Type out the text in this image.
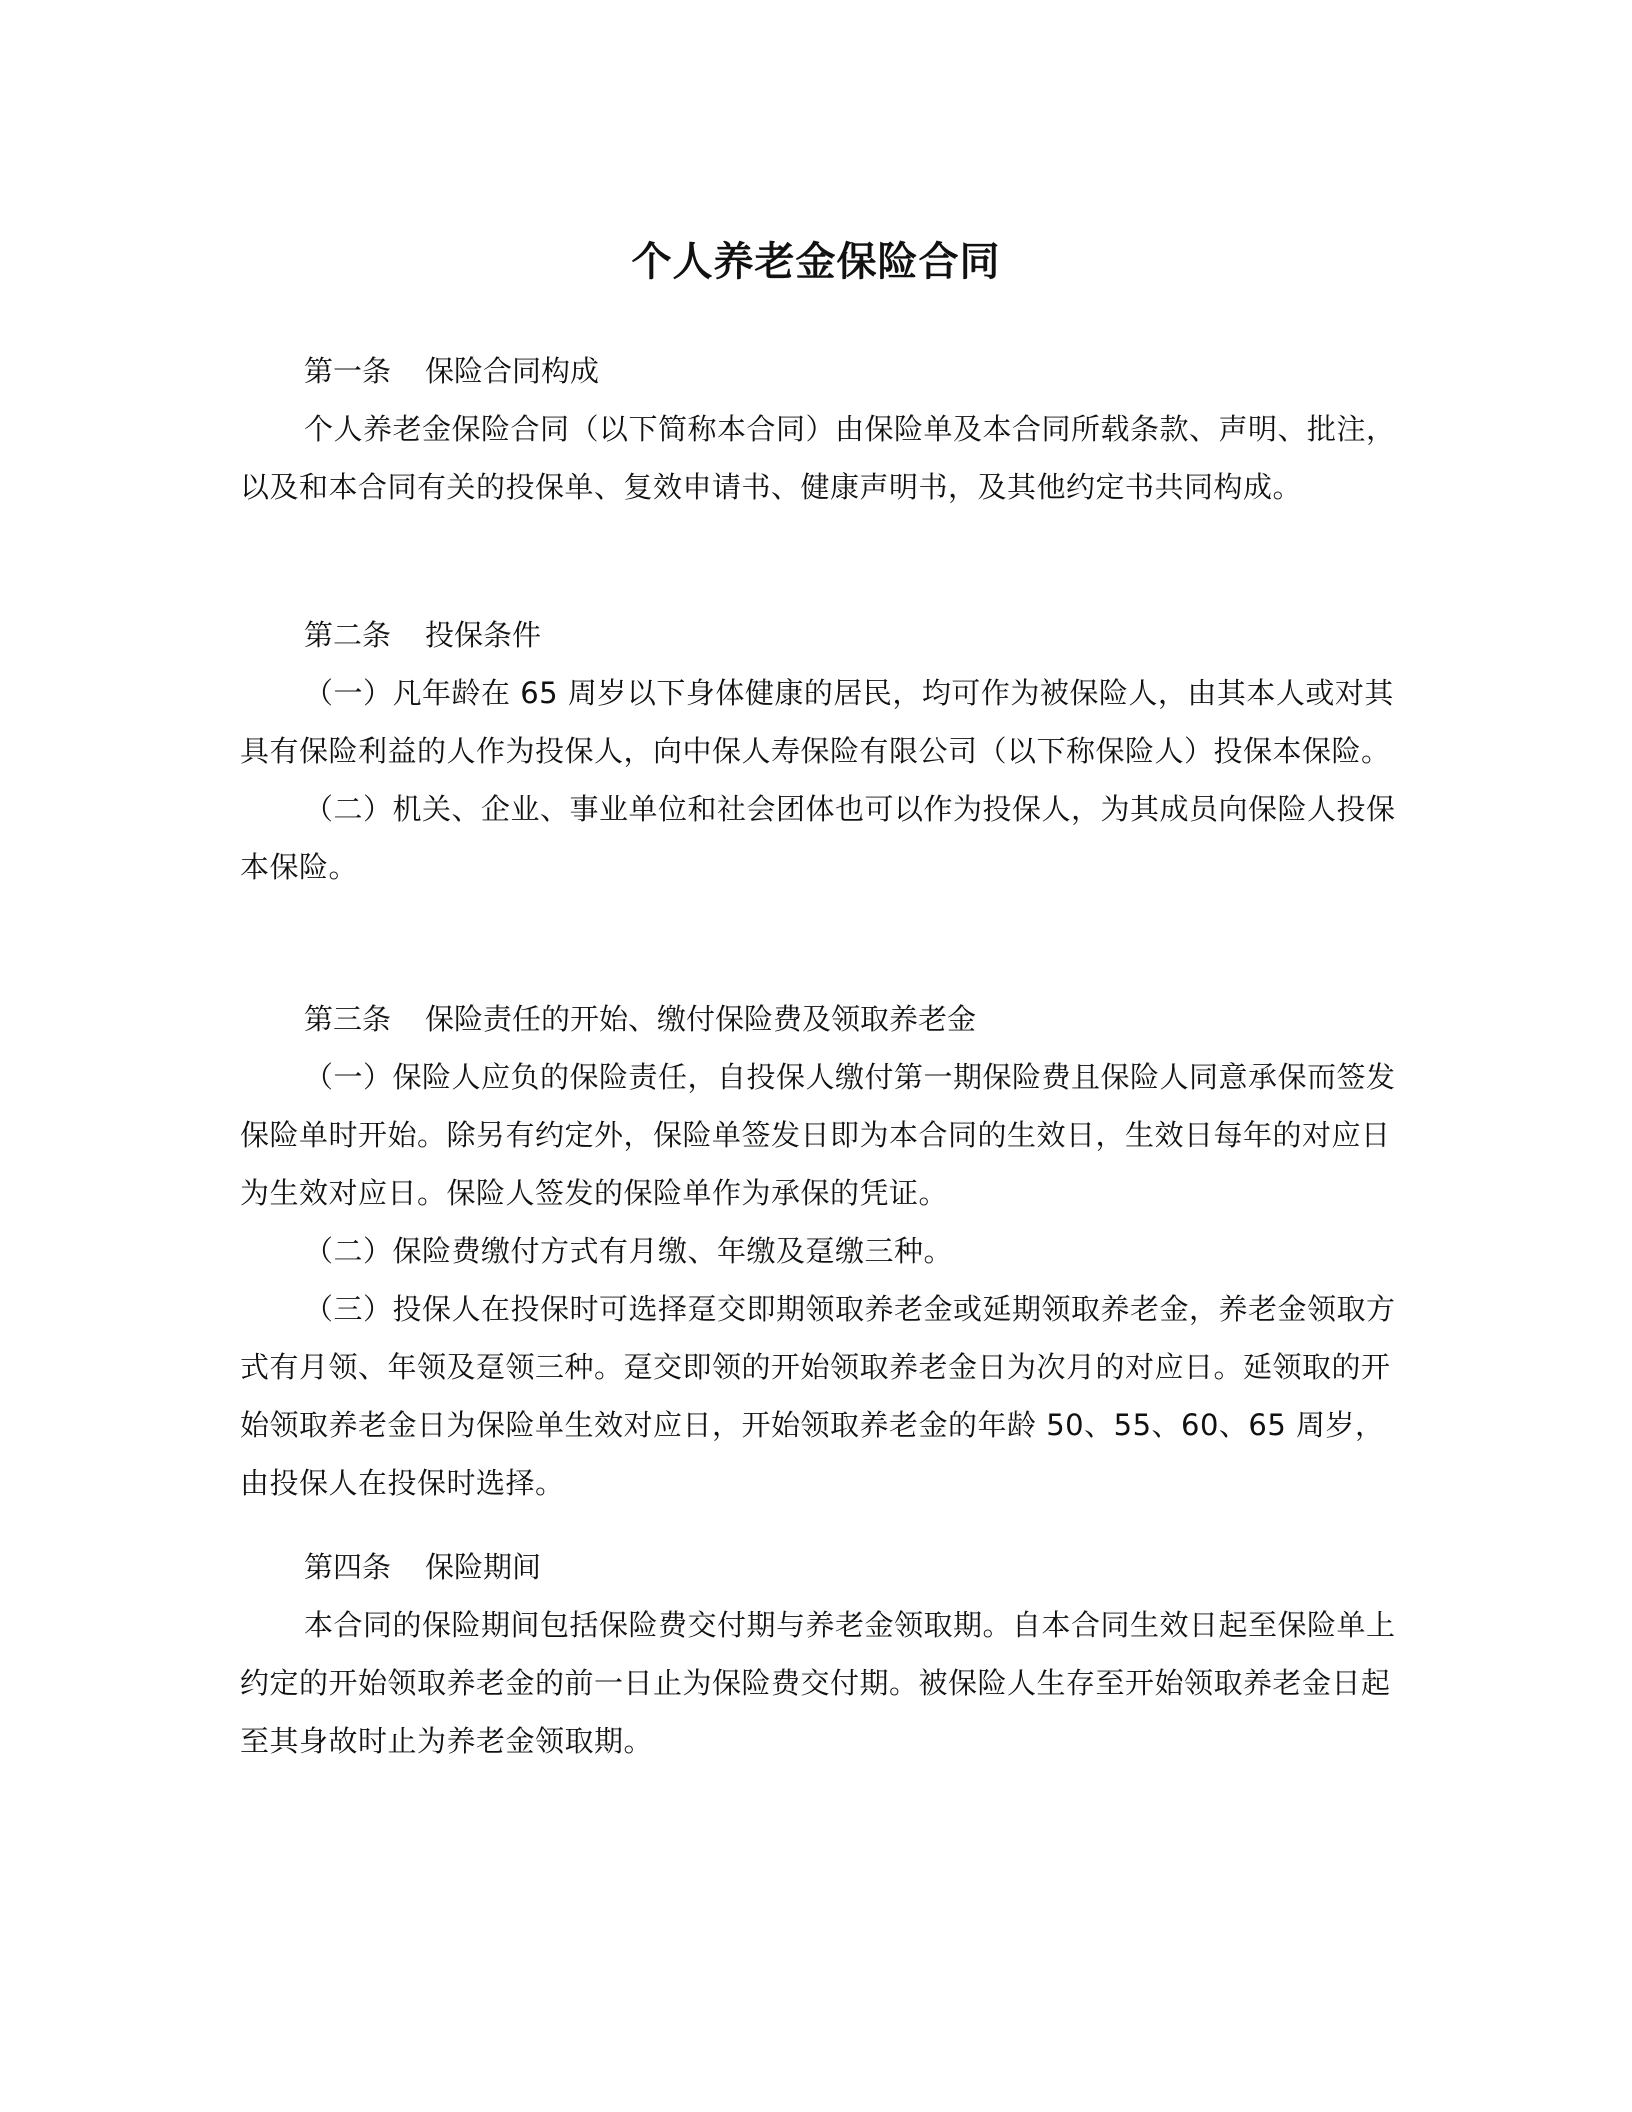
个人养老金保险合同
第一条 保险合同构成
个人养老金保险合同（以下简称本合同）由保险单及本合同所载条款、声明、批注，以及和本合同有关的投保单、复效申请书、健康声明书，及其他约定书共同构成。
第二条 投保条件
（一）凡年龄在 65 周岁以下身体健康的居民，均可作为被保险人，由其本人或对其具有保险利益的人作为投保人，向中保人寿保险有限公司（以下称保险人）投保本保险。
（二）机关、企业、事业单位和社会团体也可以作为投保人，为其成员向保险人投保本保险。
第三条 保险责任的开始、缴付保险费及领取养老金
（一）保险人应负的保险责任，自投保人缴付第一期保险费且保险人同意承保而签发保险单时开始。除另有约定外，保险单签发日即为本合同的生效日，生效日每年的对应日为生效对应日。保险人签发的保险单作为承保的凭证。
（二）保险费缴付方式有月缴、年缴及趸缴三种。
（三）投保人在投保时可选择趸交即期领取养老金或延期领取养老金，养老金领取方式有月领、年领及趸领三种。趸交即领的开始领取养老金日为次月的对应日。延领取的开始领取养老金日为保险单生效对应日，开始领取养老金的年龄 50、55、60、65 周岁，由投保人在投保时选择。
第四条 保险期间
本合同的保险期间包括保险费交付期与养老金领取期。自本合同生效日起至保险单上约定的开始领取养老金的前一日止为保险费交付期。被保险人生存至开始领取养老金日起至其身故时止为养老金领取期。
